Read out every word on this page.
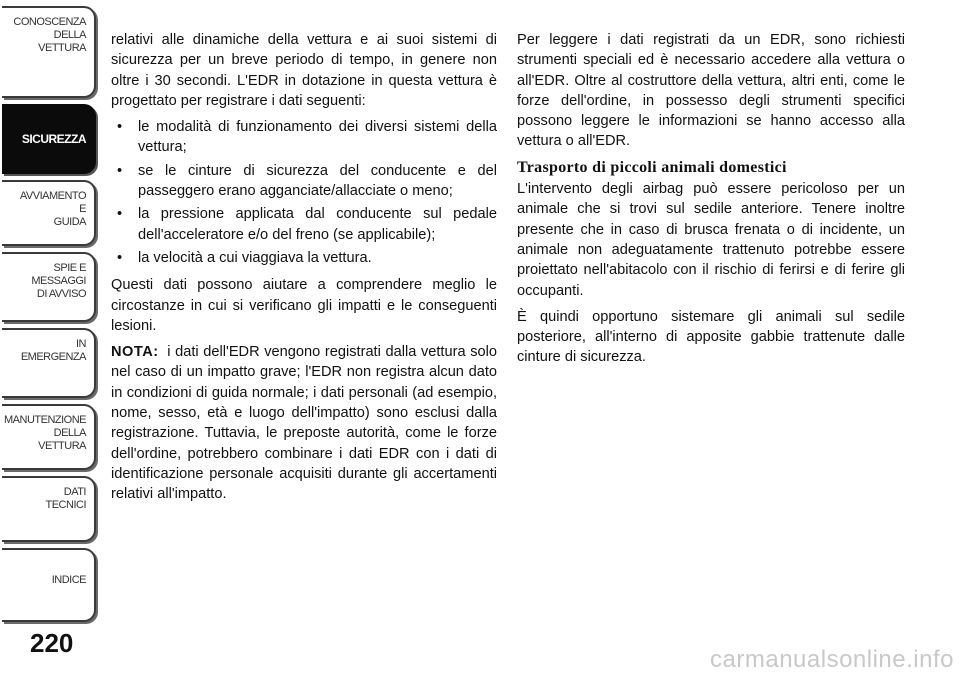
CONOSCENZA
DELLA
VETTURA
SICUREZZA
AVVIAMENTO
E
GUIDA
SPIE E
MESSAGGI
DI AVVISO
IN
EMERGENZA
MANUTENZIONE
DELLA
VETTURA
DATI
TECNICI
INDICE
220

relativi alle dinamiche della vettura e ai suoi sistemi di sicurezza per un breve periodo di tempo, in genere non oltre i 30 secondi. L'EDR in dotazione in questa vettura è progettato per registrare i dati seguenti:

• le modalità di funzionamento dei diversi sistemi della vettura;
• se le cinture di sicurezza del conducente e del passeggero erano agganciate/allacciate o meno;
• la pressione applicata dal conducente sul pedale dell'acceleratore e/o del freno (se applicabile);
• la velocità a cui viaggiava la vettura.

Questi dati possono aiutare a comprendere meglio le circostanze in cui si verificano gli impatti e le conseguenti lesioni.

NOTA: i dati dell'EDR vengono registrati dalla vettura solo nel caso di un impatto grave; l'EDR non registra alcun dato in condizioni di guida normale; i dati personali (ad esempio, nome, sesso, età e luogo dell'impatto) sono esclusi dalla registrazione. Tuttavia, le preposte autorità, come le forze dell'ordine, potrebbero combinare i dati EDR con i dati di identificazione personale acquisiti durante gli accertamenti relativi all'impatto.

Per leggere i dati registrati da un EDR, sono richiesti strumenti speciali ed è necessario accedere alla vettura o all'EDR. Oltre al costruttore della vettura, altri enti, come le forze dell'ordine, in possesso degli strumenti specifici possono leggere le informazioni se hanno accesso alla vettura o all'EDR.

Trasporto di piccoli animali domestici

L'intervento degli airbag può essere pericoloso per un animale che si trovi sul sedile anteriore. Tenere inoltre presente che in caso di brusca frenata o di incidente, un animale non adeguatamente trattenuto potrebbe essere proiettato nell'abitacolo con il rischio di ferirsi e di ferire gli occupanti.

È quindi opportuno sistemare gli animali sul sedile posteriore, all'interno di apposite gabbie trattenute dalle cinture di sicurezza.

carmanualsonline.info
